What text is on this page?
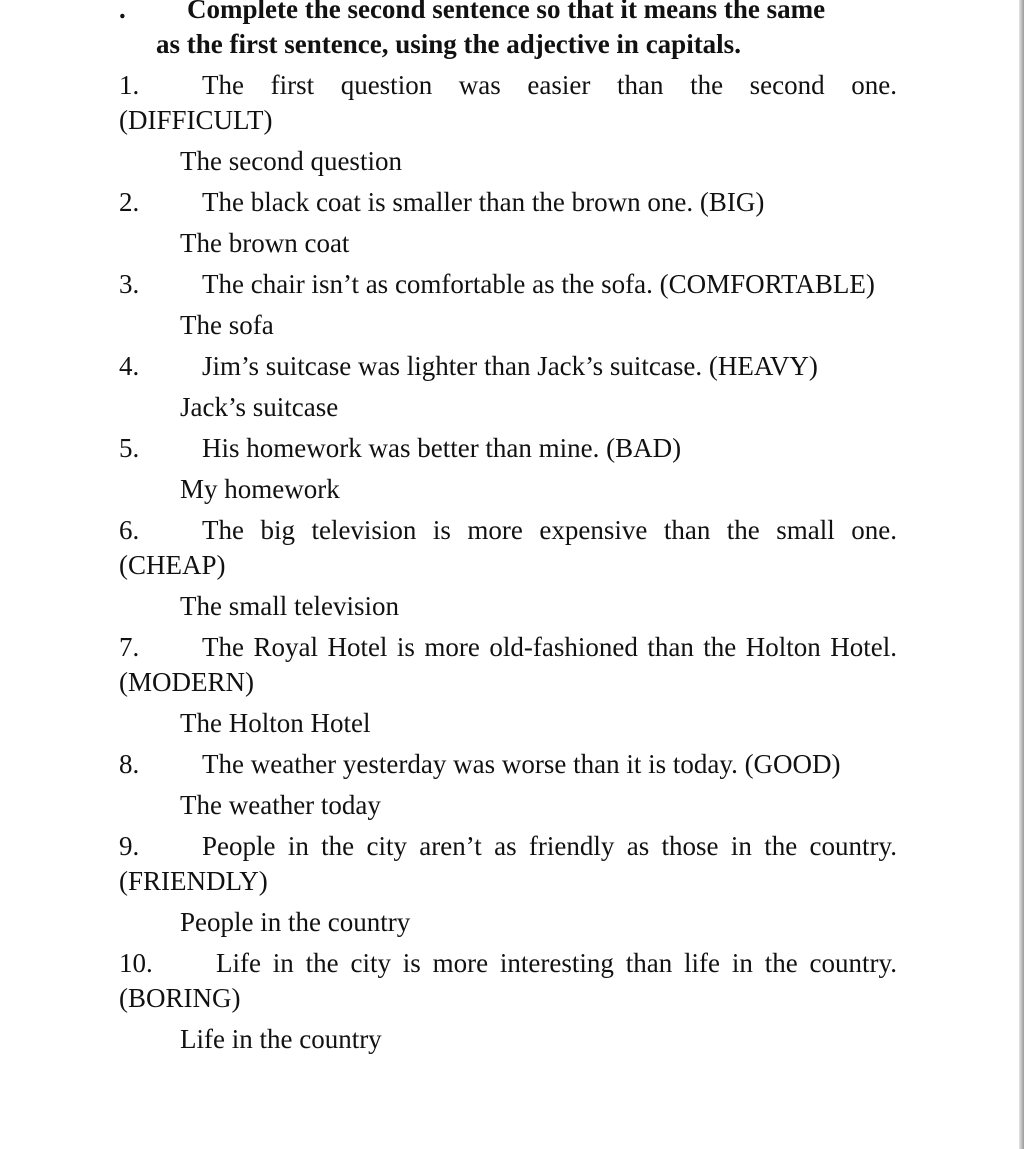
.	Complete the second sentence so that it means the same
as the first sentence, using the adjective in capitals.
1. The first question was easier than the second one. (DIFFICULT)
The second question
2. The black coat is smaller than the brown one. (BIG)
The brown coat
3. The chair isn’t as comfortable as the sofa. (COMFORTABLE)
The sofa
4. Jim’s suitcase was lighter than Jack’s suitcase. (HEAVY)
Jack’s suitcase
5. His homework was better than mine. (BAD)
My homework
6. The big television is more expensive than the small one. (CHEAP)
The small television
7. The Royal Hotel is more old-fashioned than the Holton Hotel. (MODERN)
The Holton Hotel
8. The weather yesterday was worse than it is today. (GOOD)
The weather today
9. People in the city aren’t as friendly as those in the country. (FRIENDLY)
People in the country
10. Life in the city is more interesting than life in the country. (BORING)
Life in the country
